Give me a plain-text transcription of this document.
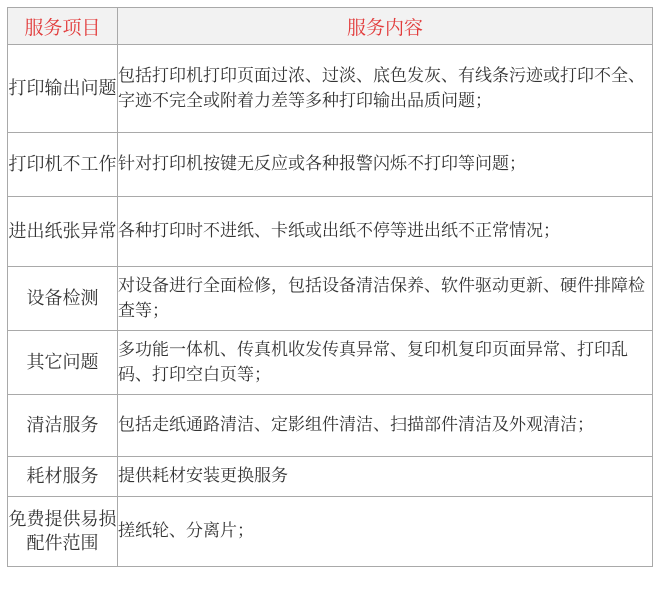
服务项目	服务内容
打印输出问题	包括打印机打印页面过浓、过淡、底色发灰、有线条污迹或打印不全、字迹不完全或附着力差等多种打印输出品质问题；
打印机不工作	针对打印机按键无反应或各种报警闪烁不打印等问题；
进出纸张异常	各种打印时不进纸、卡纸或出纸不停等进出纸不正常情况；
设备检测	对设备进行全面检修，包括设备清洁保养、软件驱动更新、硬件排障检查等；
其它问题	多功能一体机、传真机收发传真异常、复印机复印页面异常、打印乱码、打印空白页等；
清洁服务	包括走纸通路清洁、定影组件清洁、扫描部件清洁及外观清洁；
耗材服务	提供耗材安装更换服务
免费提供易损配件范围	搓纸轮、分离片；
